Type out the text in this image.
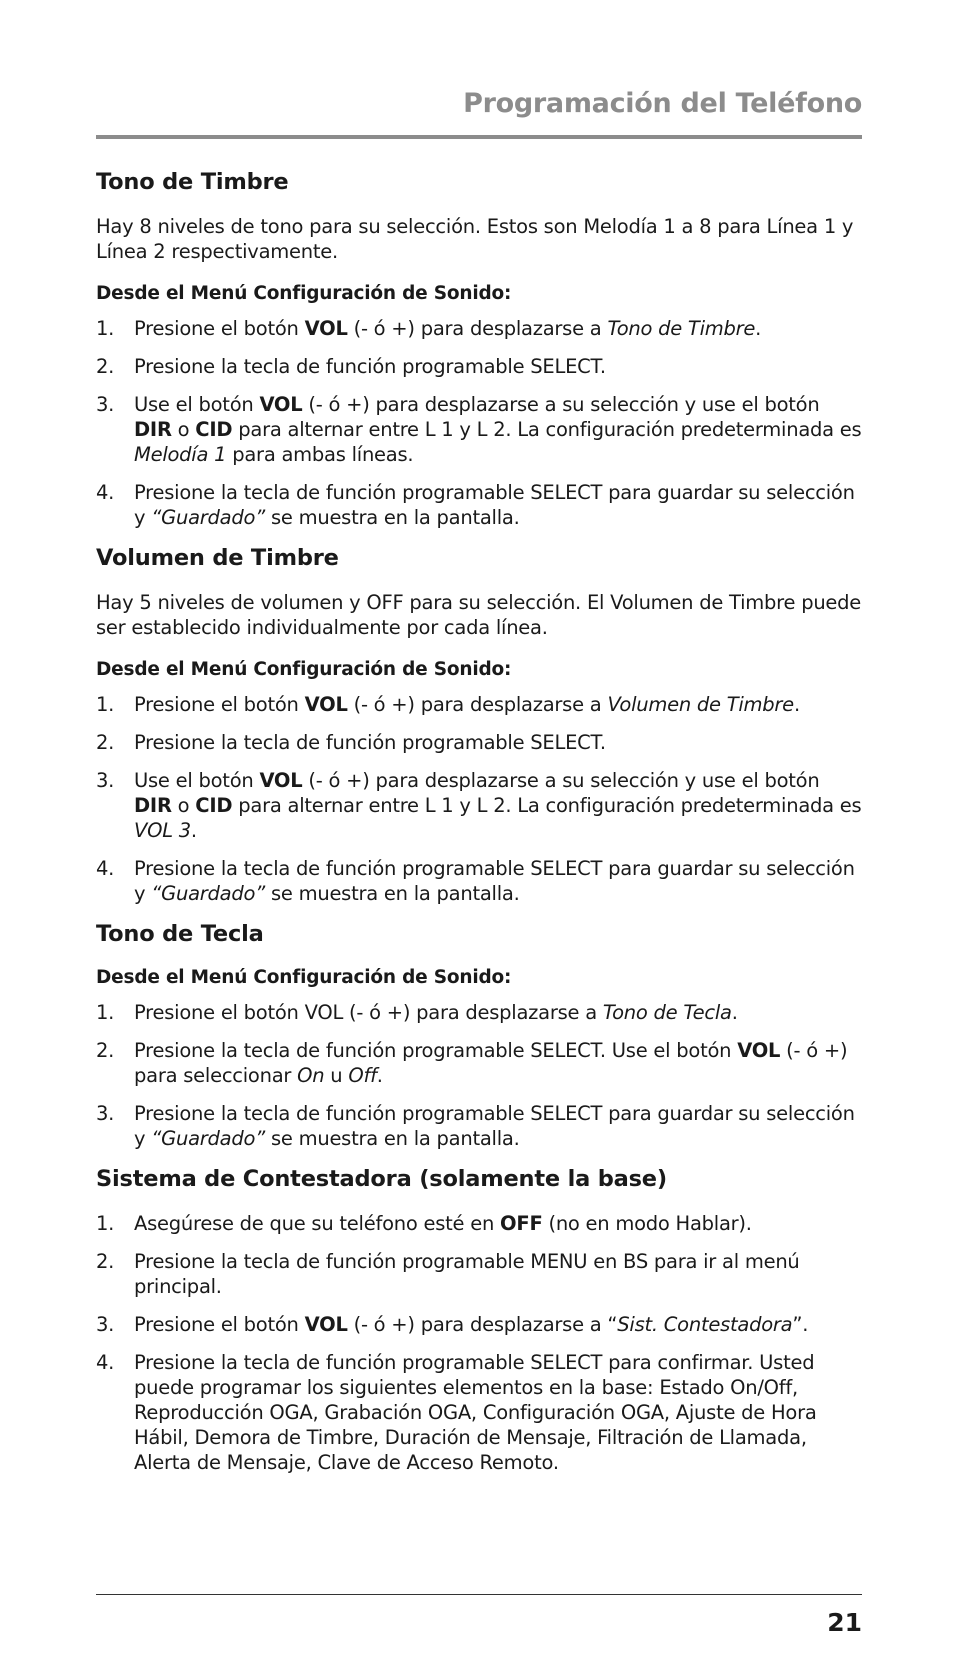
Programación del Teléfono
Tono de Timbre

Hay 8 niveles de tono para su selección. Estos son Melodía 1 a 8 para Línea 1 y Línea 2 respectivamente.

Desde el Menú Configuración de Sonido:
1. Presione el botón VOL (- ó +) para desplazarse a Tono de Timbre.
2. Presione la tecla de función programable SELECT.
3. Use el botón VOL (- ó +) para desplazarse a su selección y use el botón DIR o CID para alternar entre L 1 y L 2. La configuración predeterminada es Melodía 1 para ambas líneas.
4. Presione la tecla de función programable SELECT para guardar su selección y “Guardado” se muestra en la pantalla.
Volumen de Timbre

Hay 5 niveles de volumen y OFF para su selección. El Volumen de Timbre puede ser establecido individualmente por cada línea.

Desde el Menú Configuración de Sonido:
1. Presione el botón VOL (- ó +) para desplazarse a Volumen de Timbre.
2. Presione la tecla de función programable SELECT.
3. Use el botón VOL (- ó +) para desplazarse a su selección y use el botón DIR o CID para alternar entre L 1 y L 2. La configuración predeterminada es VOL 3.
4. Presione la tecla de función programable SELECT para guardar su selección y “Guardado” se muestra en la pantalla.
Tono de Tecla
Desde el Menú Configuración de Sonido:
1. Presione el botón VOL (- ó +) para desplazarse a Tono de Tecla.
2. Presione la tecla de función programable SELECT. Use el botón VOL (- ó +) para seleccionar On u Off.
3. Presione la tecla de función programable SELECT para guardar su selección y “Guardado” se muestra en la pantalla.
Sistema de Contestadora (solamente la base)
1. Asegúrese de que su teléfono esté en OFF (no en modo Hablar).
2. Presione la tecla de función programable MENU en BS para ir al menú principal.
3. Presione el botón VOL (- ó +) para desplazarse a “Sist. Contestadora”.
4. Presione la tecla de función programable SELECT para confirmar. Usted puede programar los siguientes elementos en la base: Estado On/Off, Reproducción OGA, Grabación OGA, Configuración OGA, Ajuste de Hora Hábil, Demora de Timbre, Duración de Mensaje, Filtración de Llamada, Alerta de Mensaje, Clave de Acceso Remoto.
21
